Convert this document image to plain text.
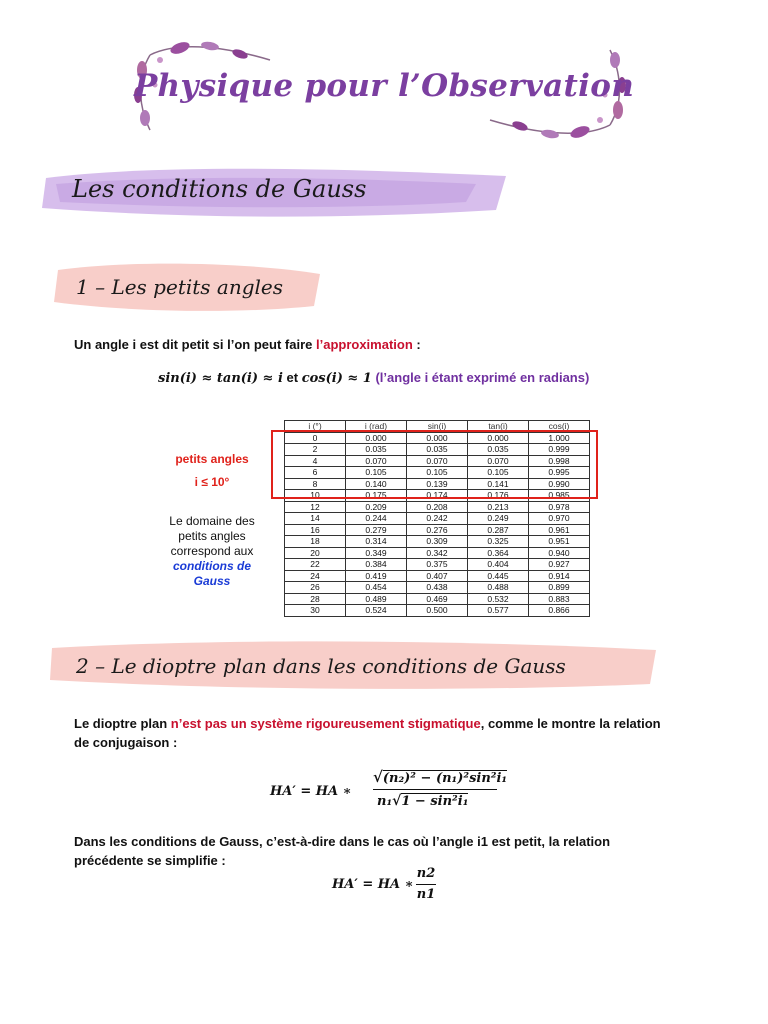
Physique pour l’Observation
Les conditions de Gauss
1 – Les petits angles
Un angle i est dit petit si l’on peut faire l’approximation :
sin(i) ≈ tan(i) ≈ i et cos(i) ≈ 1 (l’angle i étant exprimé en radians)
petits angles
i ≤ 10°
Le domaine des
petits angles
correspond aux
conditions de
Gauss
i (°)	i (rad)	sin(i)	tan(i)	cos(i)
0	0.000	0.000	0.000	1.000
2	0.035	0.035	0.035	0.999
4	0.070	0.070	0.070	0.998
6	0.105	0.105	0.105	0.995
8	0.140	0.139	0.141	0.990
10	0.175	0.174	0.176	0.985
12	0.209	0.208	0.213	0.978
14	0.244	0.242	0.249	0.970
16	0.279	0.276	0.287	0.961
18	0.314	0.309	0.325	0.951
20	0.349	0.342	0.364	0.940
22	0.384	0.375	0.404	0.927
24	0.419	0.407	0.445	0.914
26	0.454	0.438	0.488	0.899
28	0.489	0.469	0.532	0.883
30	0.524	0.500	0.577	0.866
2 – Le dioptre plan dans les conditions de Gauss
Le dioptre plan n’est pas un système rigoureusement stigmatique, comme le montre la relation
de conjugaison :
HA′ = HA ∗
√(n₂)² − (n₁)²sin²i₁
n₁√1 − sin²i₁
Dans les conditions de Gauss, c’est-à-dire dans le cas où l’angle i1 est petit, la relation
précédente se simplifie :
HA′ = HA ∗
n2
n1
